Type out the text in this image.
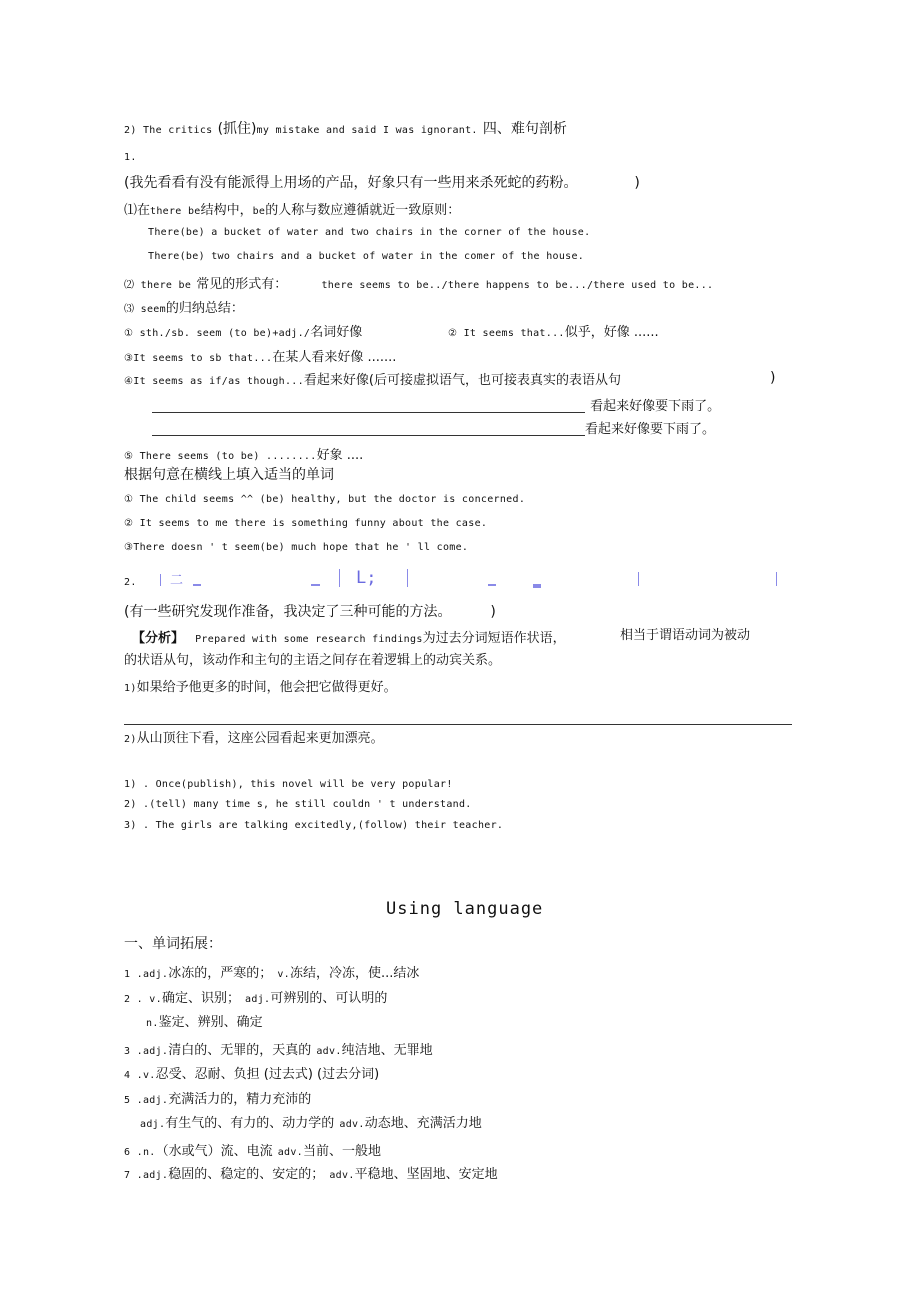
2) The critics (抓住)my mistake and said I was ignorant. 四、难句剖析
1.
(我先看看有没有能派得上用场的产品，好象只有一些用来杀死蛇的药粉。	)
⑴在there be结构中，be的人称与数应遵循就近一致原则：
There(be) a bucket of water and two chairs in the corner of the house.
There(be) two chairs and a bucket of water in the comer of the house.
⑵ there be 常见的形式有：	there seems to be../there happens to be.../there used to be...
⑶ seem的归纳总结：
① sth./sb. seem (to be)+adj./名词好像	② It seems that...似乎，好像 ......
③It seems to sb that...在某人看来好像 .......
④It seems as if/as though...看起来好像(后可接虚拟语气，也可接表真实的表语从句	)
看起来好像要下雨了。
看起来好像要下雨了。
⑤ There seems (to be) ........好象 ....
根据句意在横线上填入适当的单词
① The child seems ^^ (be) healthy, but the doctor is concerned.
② It seems to me there is something funny about the case.
③There doesn ' t seem(be) much hope that he ' ll come.
2.	二	L;
(有一些研究发现作准备，我决定了三种可能的方法。	)
【分析】 Prepared with some research findings为过去分词短语作状语，	相当于谓语动词为被动
的状语从句，该动作和主句的主语之间存在着逻辑上的动宾关系。
1)如果给予他更多的时间，他会把它做得更好。
2)从山顶往下看，这座公园看起来更加漂亮。
1) . Once(publish), this novel will be very popular!
2) .(tell) many time s, he still couldn ' t understand.
3) . The girls are talking excitedly,(follow) their teacher.
Using language
一、单词拓展：
1 .adj.冰冻的，严寒的； v.冻结，冷冻，使...结冰
2 . v.确定、识别； adj.可辨别的、可认明的
n.鉴定、辨别、确定
3 .adj.清白的、无罪的，天真的 adv.纯洁地、无罪地
4 .v.忍受、忍耐、负担 (过去式) (过去分词)
5 .adj.充满活力的，精力充沛的
adj.有生气的、有力的、动力学的 adv.动态地、充满活力地
6 .n.（水或气）流、电流 adv.当前、一般地
7 .adj.稳固的、稳定的、安定的； adv.平稳地、坚固地、安定地
